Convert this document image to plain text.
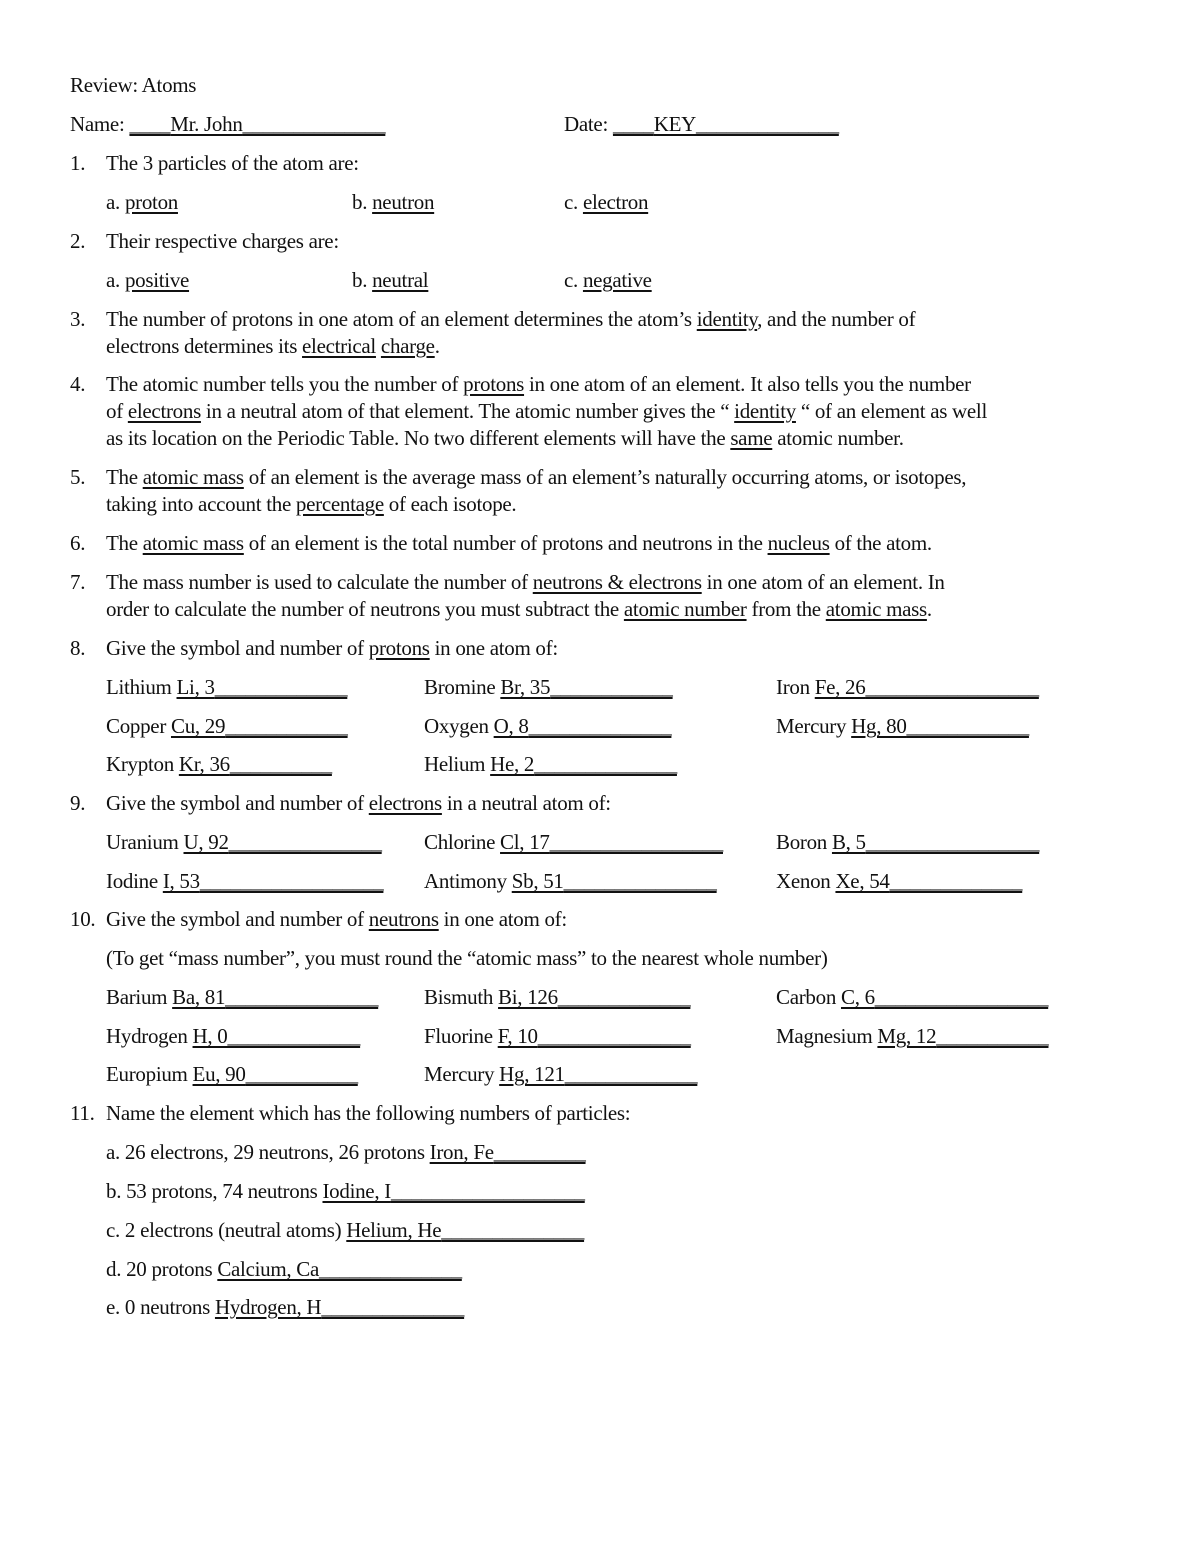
Review: Atoms
Name: ____Mr. John______________	Date: ____KEY______________
1. The 3 particles of the atom are:
a. proton	b. neutron	c. electron
2. Their respective charges are:
a. positive	b. neutral	c. negative
3. The number of protons in one atom of an element determines the atom’s identity, and the number of
electrons determines its electrical charge.
4. The atomic number tells you the number of protons in one atom of an element. It also tells you the number
of electrons in a neutral atom of that element. The atomic number gives the “ identity “ of an element as well
as its location on the Periodic Table. No two different elements will have the same atomic number.
5. The atomic mass of an element is the average mass of an element’s naturally occurring atoms, or isotopes,
taking into account the percentage of each isotope.
6. The atomic mass of an element is the total number of protons and neutrons in the nucleus of the atom.
7. The mass number is used to calculate the number of neutrons & electrons in one atom of an element. In
order to calculate the number of neutrons you must subtract the atomic number from the atomic mass.
8. Give the symbol and number of protons in one atom of:
Lithium Li, 3_____________	Bromine Br, 35____________	Iron Fe, 26_________________
Copper Cu, 29____________	Oxygen O, 8______________	Mercury Hg, 80____________
Krypton Kr, 36__________	Helium He, 2______________
9. Give the symbol and number of electrons in a neutral atom of:
Uranium U, 92_______________ Chlorine Cl, 17_________________	Boron B, 5_________________
Iodine I, 53__________________ Antimony Sb, 51_______________	Xenon Xe, 54_____________
10. Give the symbol and number of neutrons in one atom of:
(To get “mass number”, you must round the “atomic mass” to the nearest whole number)
Barium Ba, 81_______________ Bismuth Bi, 126_____________	Carbon C, 6_________________
Hydrogen H, 0_____________	Fluorine F, 10_______________	Magnesium Mg, 12___________
Europium Eu, 90___________	Mercury Hg, 121_____________
11. Name the element which has the following numbers of particles:
a. 26 electrons, 29 neutrons, 26 protons Iron, Fe_________
b. 53 protons, 74 neutrons Iodine, I___________________
c. 2 electrons (neutral atoms) Helium, He______________
d. 20 protons Calcium, Ca______________
e. 0 neutrons Hydrogen, H______________
